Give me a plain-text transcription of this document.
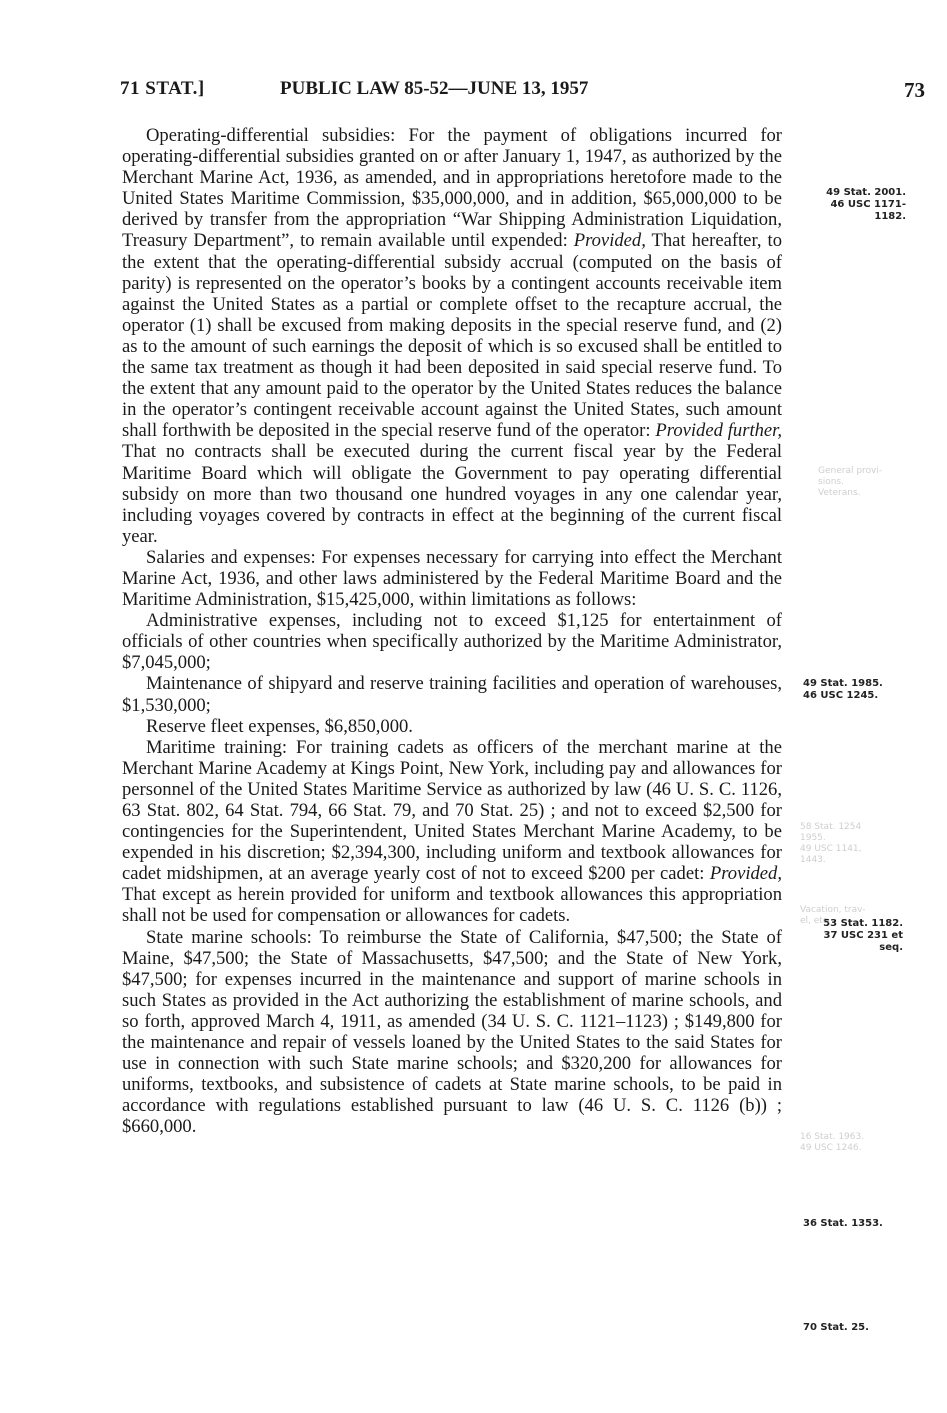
71 STAT.]	PUBLIC LAW 85-52—JUNE 13, 1957	73

Operating-differential subsidies: For the payment of obligations incurred for operating-differential subsidies granted on or after January 1, 1947, as authorized by the Merchant Marine Act, 1936, as amended, and in appropriations heretofore made to the United States Maritime Commission, $35,000,000, and in addition, $65,000,000 to be derived by transfer from the appropriation “War Shipping Administration Liquidation, Treasury Department”, to remain available until expended: Provided, That hereafter, to the extent that the operating-differential subsidy accrual (computed on the basis of parity) is represented on the operator’s books by a contingent accounts receivable item against the United States as a partial or complete offset to the recapture accrual, the operator (1) shall be excused from making deposits in the special reserve fund, and (2) as to the amount of such earnings the deposit of which is so excused shall be entitled to the same tax treatment as though it had been deposited in said special reserve fund. To the extent that any amount paid to the operator by the United States reduces the balance in the operator’s contingent receivable account against the United States, such amount shall forthwith be deposited in the special reserve fund of the operator: Provided further, That no contracts shall be executed during the current fiscal year by the Federal Maritime Board which will obligate the Government to pay operating differential subsidy on more than two thousand one hundred voyages in any one calendar year, including voyages covered by contracts in effect at the beginning of the current fiscal year.

Salaries and expenses: For expenses necessary for carrying into effect the Merchant Marine Act, 1936, and other laws administered by the Federal Maritime Board and the Maritime Administration, $15,425,000, within limitations as follows:

Administrative expenses, including not to exceed $1,125 for entertainment of officials of other countries when specifically authorized by the Maritime Administrator, $7,045,000;

Maintenance of shipyard and reserve training facilities and operation of warehouses, $1,530,000;

Reserve fleet expenses, $6,850,000.

Maritime training: For training cadets as officers of the merchant marine at the Merchant Marine Academy at Kings Point, New York, including pay and allowances for personnel of the United States Maritime Service as authorized by law (46 U. S. C. 1126, 63 Stat. 802, 64 Stat. 794, 66 Stat. 79, and 70 Stat. 25) ; and not to exceed $2,500 for contingencies for the Superintendent, United States Merchant Marine Academy, to be expended in his discretion; $2,394,300, including uniform and textbook allowances for cadet midshipmen, at an average yearly cost of not to exceed $200 per cadet: Provided, That except as herein provided for uniform and textbook allowances this appropriation shall not be used for compensation or allowances for cadets.

State marine schools: To reimburse the State of California, $47,500; the State of Maine, $47,500; the State of Massachusetts, $47,500; and the State of New York, $47,500; for expenses incurred in the maintenance and support of marine schools in such States as provided in the Act authorizing the establishment of marine schools, and so forth, approved March 4, 1911, as amended (34 U. S. C. 1121–1123) ; $149,800 for the maintenance and repair of vessels loaned by the United States to the said States for use in connection with such State marine schools; and $320,200 for allowances for uniforms, textbooks, and subsistence of cadets at State marine schools, to be paid in accordance with regulations established pursuant to law (46 U. S. C. 1126 (b)) ; $660,000.

49 Stat. 2001.
46 USC 1171-
1182.
49 Stat. 1985.
46 USC 1245.
53 Stat. 1182.
37 USC 231 et
seq.
36 Stat. 1353.
70 Stat. 25.
General provi-
sions.
Veterans.
58 Stat. 1254
1955.
49 USC 1141,
1443.
Vacation, trav-
el, etc.
16 Stat. 1963.
49 USC 1246.
